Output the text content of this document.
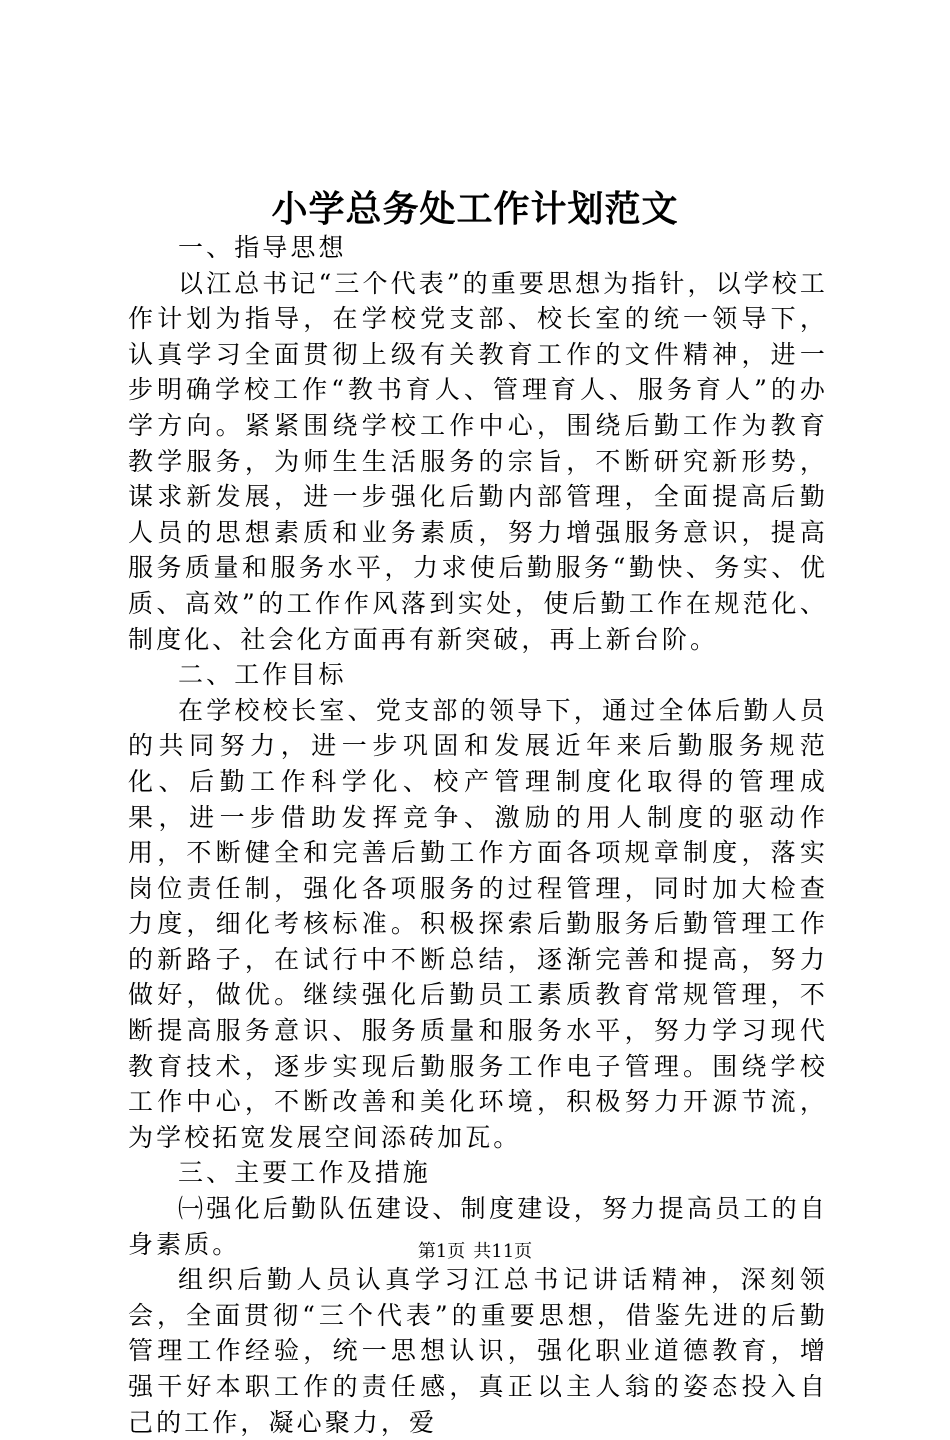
小学总务处工作计划范文

一、指导思想

以江总书记“三个代表”的重要思想为指针，以学校工作计划为指导，在学校党支部、校长室的统一领导下，认真学习全面贯彻上级有关教育工作的文件精神，进一步明确学校工作“教书育人、管理育人、服务育人”的办学方向。紧紧围绕学校工作中心，围绕后勤工作为教育教学服务，为师生生活服务的宗旨，不断研究新形势，谋求新发展，进一步强化后勤内部管理，全面提高后勤人员的思想素质和业务素质，努力增强服务意识，提高服务质量和服务水平，力求使后勤服务“勤快、务实、优质、高效”的工作作风落到实处，使后勤工作在规范化、制度化、社会化方面再有新突破，再上新台阶。

二、工作目标

在学校校长室、党支部的领导下，通过全体后勤人员的共同努力，进一步巩固和发展近年来后勤服务规范化、后勤工作科学化、校产管理制度化取得的管理成果，进一步借助发挥竞争、激励的用人制度的驱动作用，不断健全和完善后勤工作方面各项规章制度，落实岗位责任制，强化各项服务的过程管理，同时加大检查力度，细化考核标准。积极探索后勤服务后勤管理工作的新路子，在试行中不断总结，逐渐完善和提高，努力做好，做优。继续强化后勤员工素质教育常规管理，不断提高服务意识、服务质量和服务水平，努力学习现代教育技术，逐步实现后勤服务工作电子管理。围绕学校工作中心，不断改善和美化环境，积极努力开源节流，为学校拓宽发展空间添砖加瓦。

三、主要工作及措施

㈠强化后勤队伍建设、制度建设，努力提高员工的自身素质。

组织后勤人员认真学习江总书记讲话精神，深刻领会，全面贯彻“三个代表”的重要思想，借鉴先进的后勤管理工作经验，统一思想认识，强化职业道德教育，增强干好本职工作的责任感，真正以主人翁的姿态投入自己的工作，凝心聚力，爱

第1页 共11页
